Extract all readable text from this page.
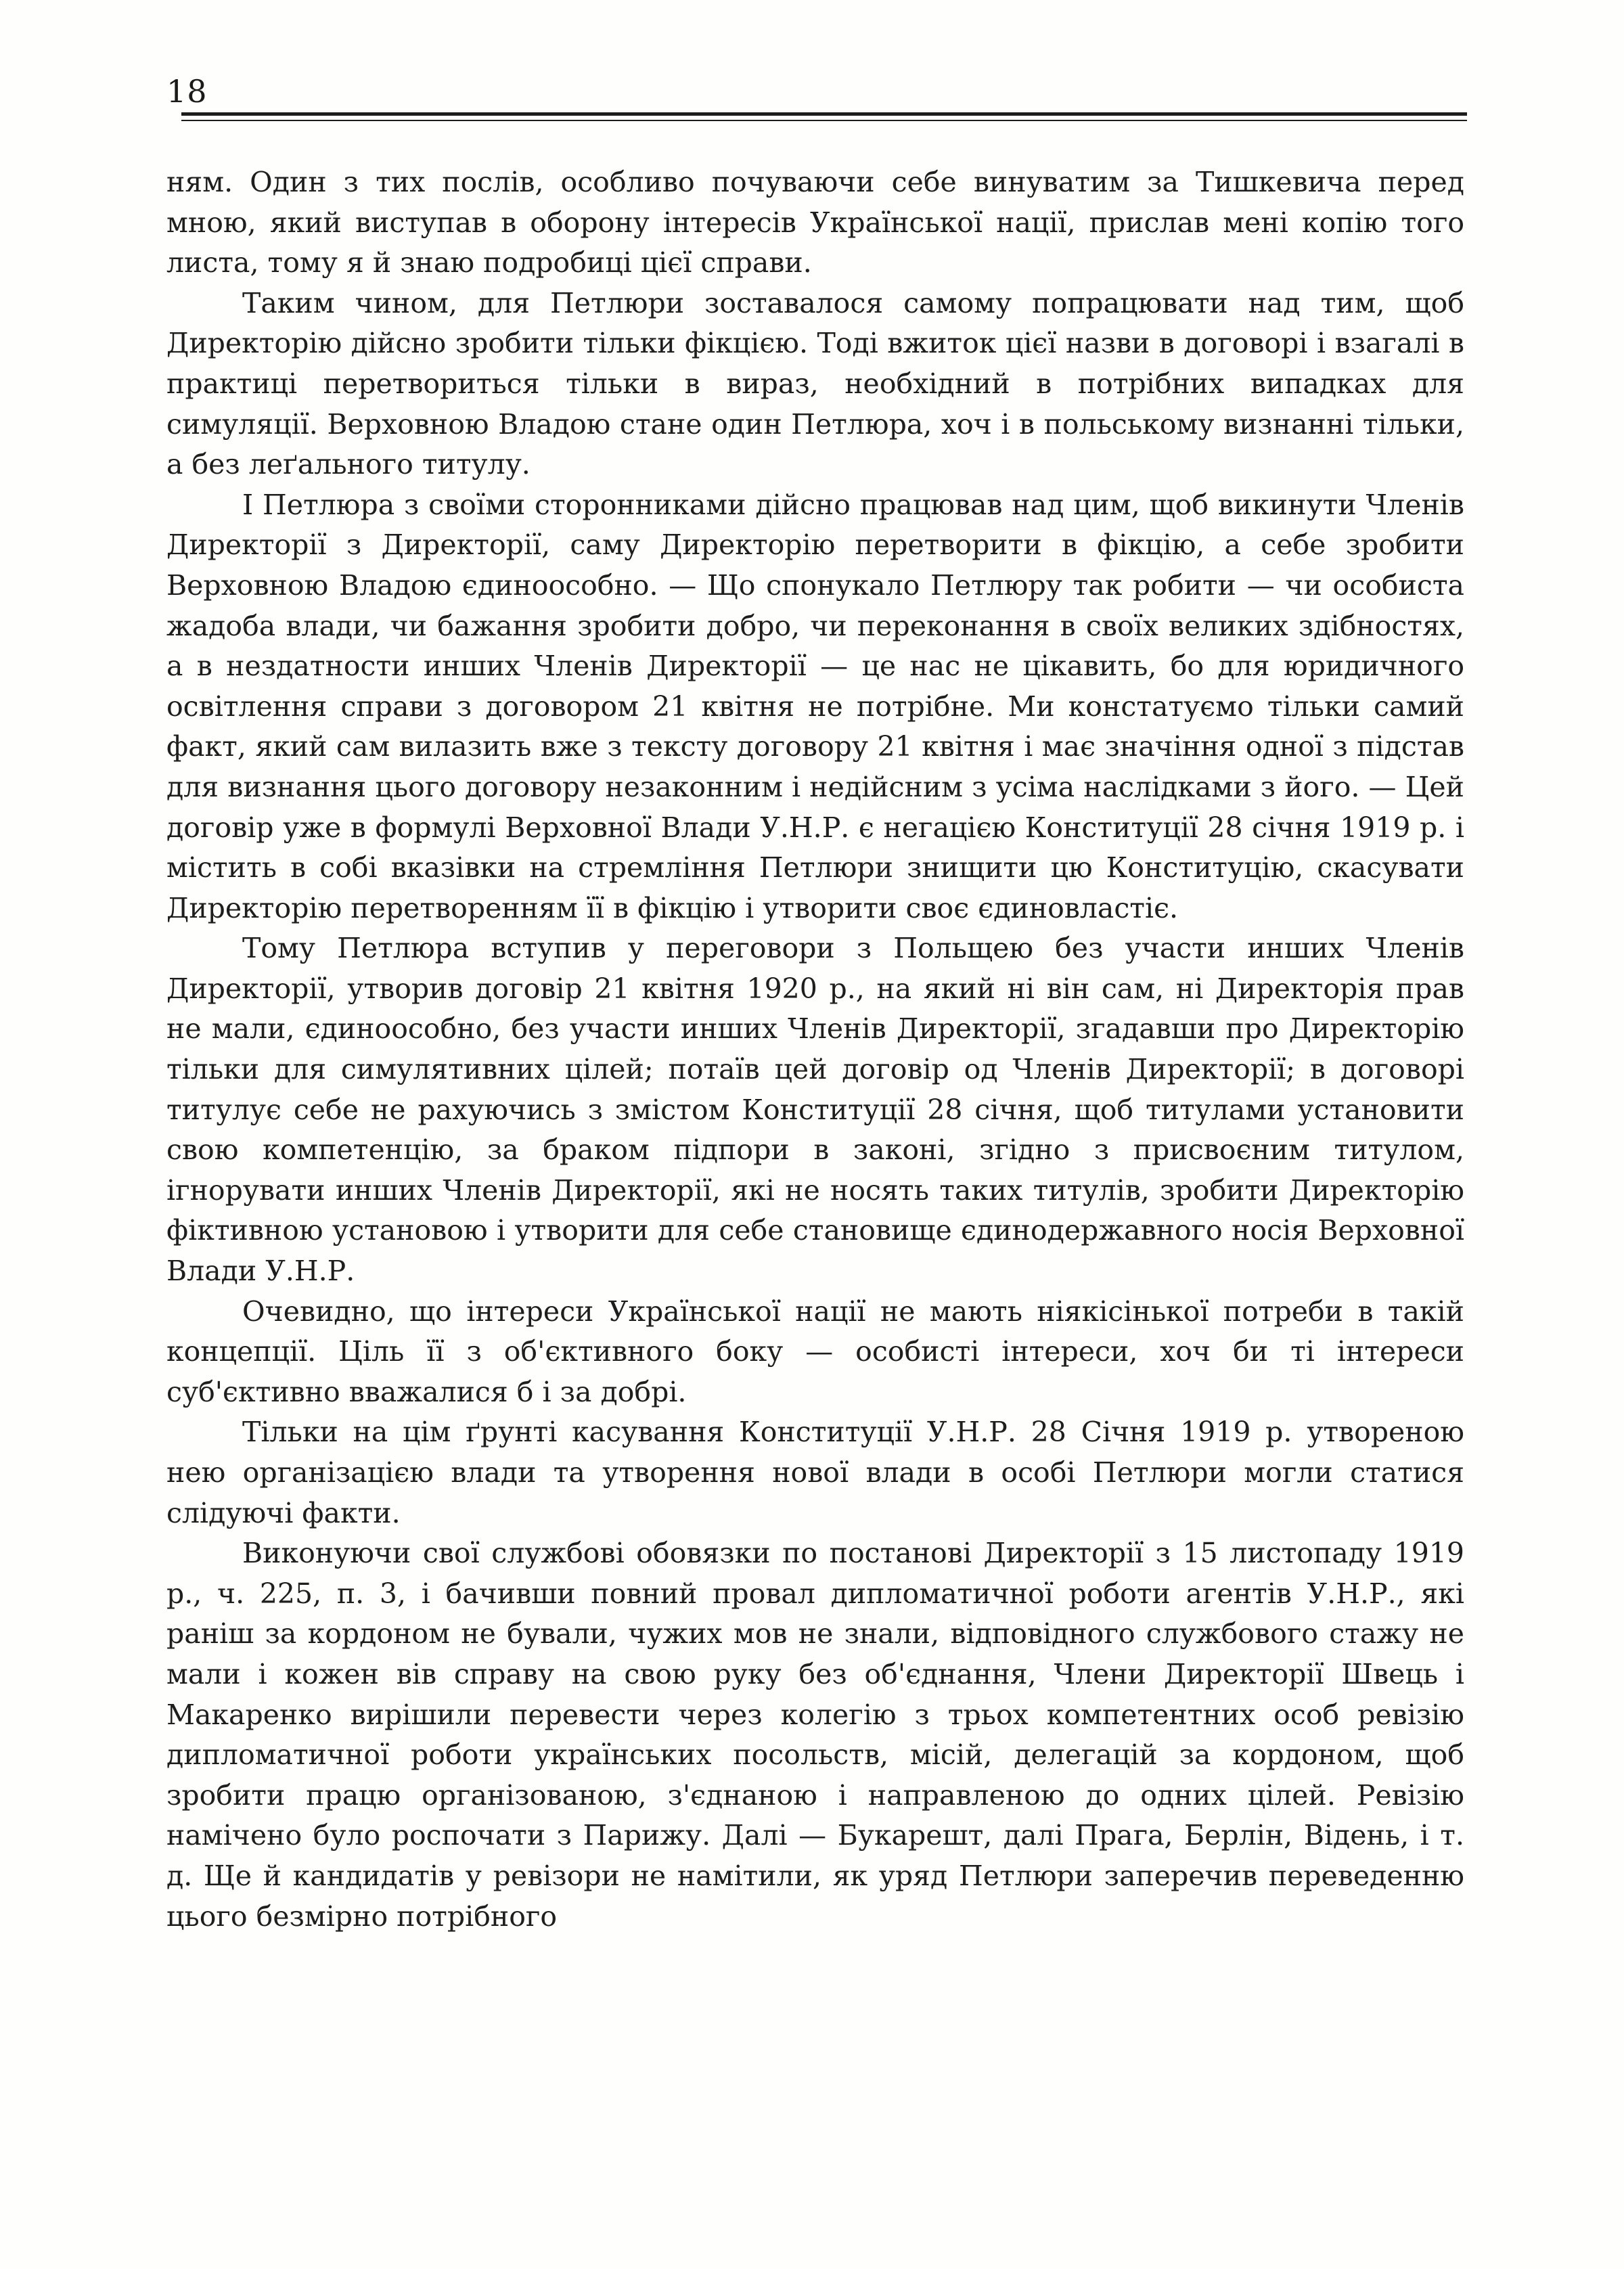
18

ням. Один з тих послів, особливо почуваючи себе винуватим за Тишкевича перед мною, який виступав в оборону інтересів Української нації, прислав мені копію того листа, тому я й знаю подробиці цієї справи.

Таким чином, для Петлюри зоставалося самому попрацювати над тим, щоб Директорію дійсно зробити тільки фікцією. Тоді вжиток цієї назви в договорі і взагалі в практиці перетвориться тільки в вираз, необхідний в потрібних випадках для симуляції. Верховною Владою стане один Петлюра, хоч і в польському визнанні тільки, а без леґального титулу.

І Петлюра з своїми сторонниками дійсно працював над цим, щоб викинути Членів Директорії з Директорії, саму Директорію перетворити в фікцію, а себе зробити Верховною Владою єдиноособно. — Що спонукало Петлюру так робити — чи особиста жадоба влади, чи бажання зробити добро, чи переконання в своїх великих здібностях, а в нездатности инших Членів Директорії — це нас не цікавить, бо для юридичного освітлення справи з договором 21 квітня не потрібне. Ми констатуємо тільки самий факт, який сам вилазить вже з тексту договору 21 квітня і має значіння одної з підстав для визнання цього договору незаконним і недійсним з усіма наслідками з його. — Цей договір уже в формулі Верховної Влади У.Н.Р. є негацією Конституції 28 січня 1919 р. і містить в собі вказівки на стремління Петлюри знищити цю Конституцію, скасувати Директорію перетворенням її в фікцію і утворити своє єдиновластіє.

Тому Петлюра вступив у переговори з Польщею без участи инших Членів Директорії, утворив договір 21 квітня 1920 р., на який ні він сам, ні Директорія прав не мали, єдиноособно, без участи инших Членів Директорії, згадавши про Директорію тільки для симулятивних цілей; потаїв цей договір од Членів Директорії; в договорі титулує себе не рахуючись з змістом Конституції 28 січня, щоб титулами установити свою компетенцію, за браком підпори в законі, згідно з присвоєним титулом, ігнорувати инших Членів Директорії, які не носять таких титулів, зробити Директорію фіктивною установою і утворити для себе становище єдинодержавного носія Верховної Влади У.Н.Р.

Очевидно, що інтереси Української нації не мають ніякісінької потреби в такій концепції. Ціль її з об'єктивного боку — особисті інтереси, хоч би ті інтереси суб'єктивно вважалися б і за добрі.

Тільки на цім ґрунті касування Конституції У.Н.Р. 28 Січня 1919 р. утвореною нею організацією влади та утворення нової влади в особі Петлюри могли статися слідуючі факти.

Виконуючи свої службові обовязки по постанові Директорії з 15 листопаду 1919 р., ч. 225, п. 3, і бачивши повний провал дипломатичної роботи агентів У.Н.Р., які раніш за кордоном не бували, чужих мов не знали, відповідного службового стажу не мали і кожен вів справу на свою руку без об'єднання, Члени Директорії Швець і Макаренко вирішили перевести через колегію з трьох компетентних особ ревізію дипломатичної роботи українських посольств, місій, делегацій за кордоном, щоб зробити працю організованою, з'єднаною і направленою до одних цілей. Ревізію намічено було роспочати з Парижу. Далі — Букарешт, далі Прага, Берлін, Відень, і т. д. Ще й кандидатів у ревізори не намітили, як уряд Петлюри заперечив переведенню цього безмірно потрібного
